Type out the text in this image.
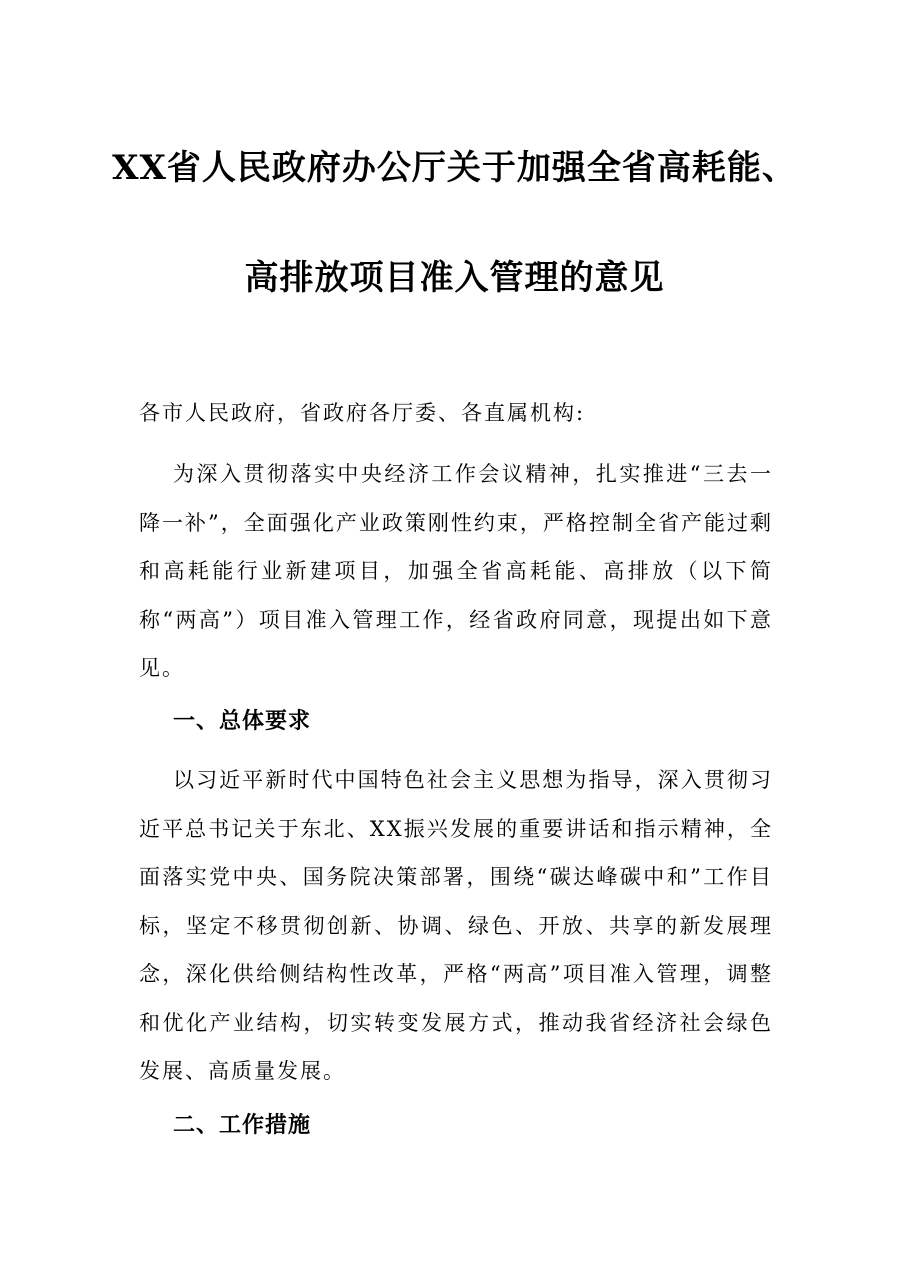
XX省人民政府办公厅关于加强全省高耗能、
高排放项目准入管理的意见
各市人民政府，省政府各厅委、各直属机构:
为深入贯彻落实中央经济工作会议精神，扎实推进“三去一降一补”，全面强化产业政策刚性约束，严格控制全省产能过剩和高耗能行业新建项目，加强全省高耗能、高排放（以下简称“两高”）项目准入管理工作，经省政府同意，现提出如下意见。
一、总体要求
以习近平新时代中国特色社会主义思想为指导，深入贯彻习近平总书记关于东北、XX振兴发展的重要讲话和指示精神，全面落实党中央、国务院决策部署，围绕“碳达峰碳中和”工作目标，坚定不移贯彻创新、协调、绿色、开放、共享的新发展理念，深化供给侧结构性改革，严格“两高”项目准入管理，调整和优化产业结构，切实转变发展方式，推动我省经济社会绿色发展、高质量发展。
二、工作措施
